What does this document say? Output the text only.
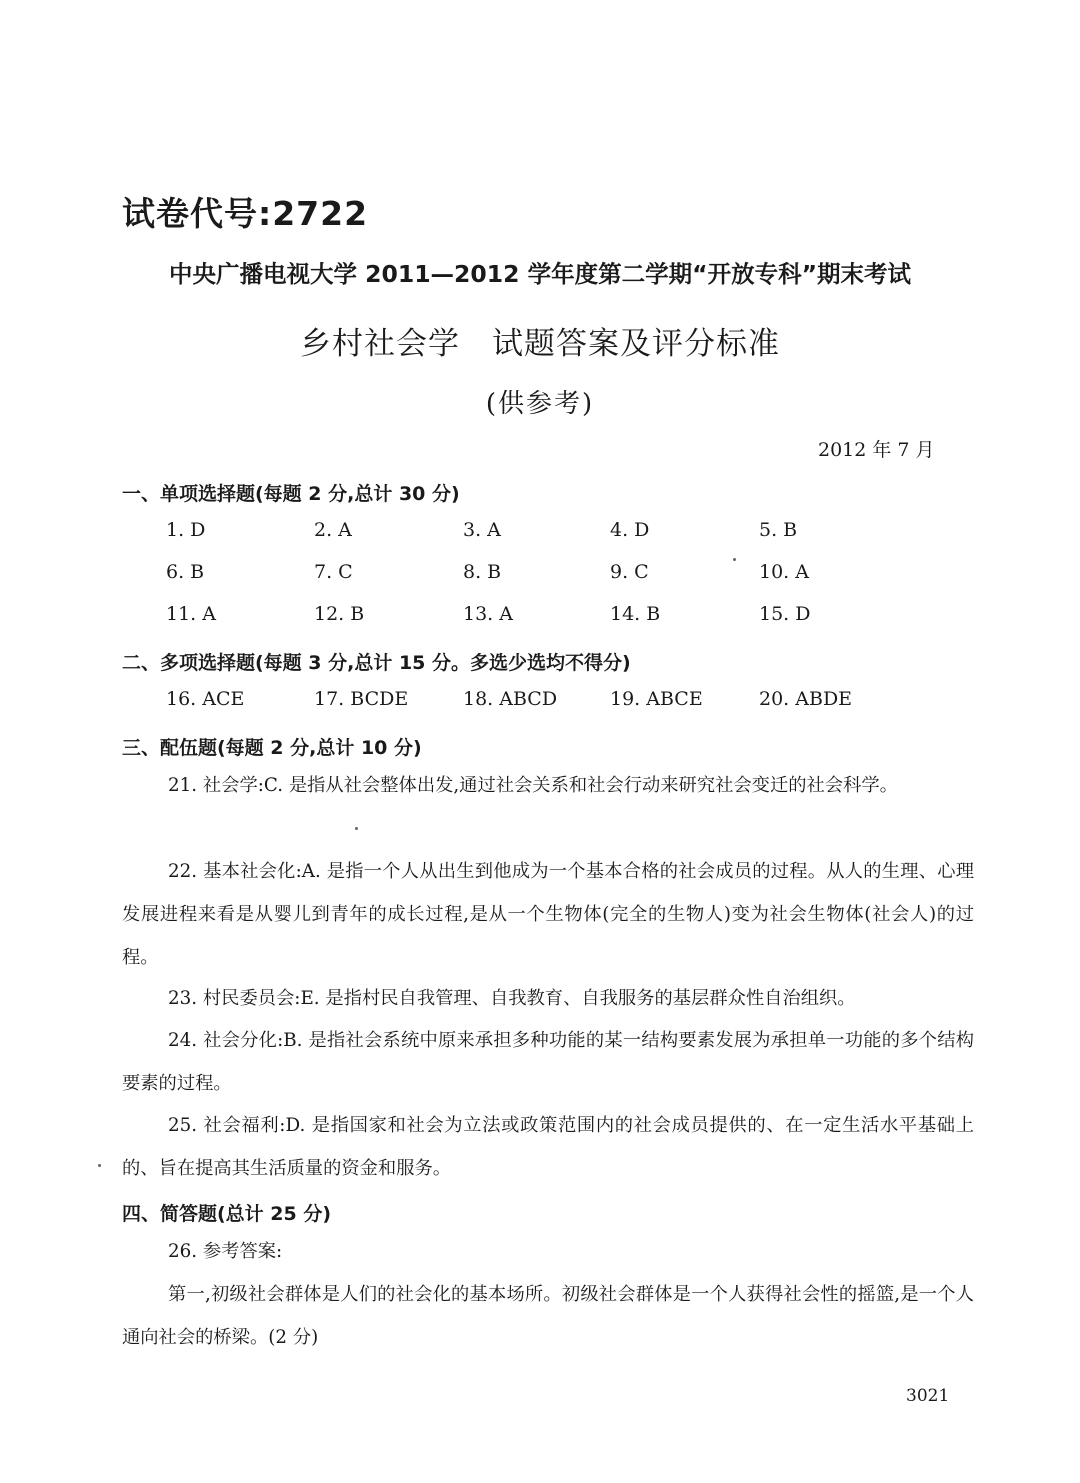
试卷代号:2722
中央广播电视大学 2011—2012 学年度第二学期“开放专科”期末考试
乡村社会学　试题答案及评分标准
(供参考)
2012 年 7 月
一、单项选择题(每题 2 分,总计 30 分)
1. D	2. A	3. A	4. D	5. B
6. B	7. C	8. B	9. C	10. A
11. A	12. B	13. A	14. B	15. D
二、多项选择题(每题 3 分,总计 15 分。多选少选均不得分)
16. ACE	17. BCDE	18. ABCD	19. ABCE	20. ABDE
三、配伍题(每题 2 分,总计 10 分)
21. 社会学:C. 是指从社会整体出发,通过社会关系和社会行动来研究社会变迁的社会科学。
22. 基本社会化:A. 是指一个人从出生到他成为一个基本合格的社会成员的过程。从人的生理、心理发展进程来看是从婴儿到青年的成长过程,是从一个生物体(完全的生物人)变为社会生物体(社会人)的过程。
23. 村民委员会:E. 是指村民自我管理、自我教育、自我服务的基层群众性自治组织。
24. 社会分化:B. 是指社会系统中原来承担多种功能的某一结构要素发展为承担单一功能的多个结构要素的过程。
25. 社会福利:D. 是指国家和社会为立法或政策范围内的社会成员提供的、在一定生活水平基础上的、旨在提高其生活质量的资金和服务。
四、简答题(总计 25 分)
26. 参考答案:
第一,初级社会群体是人们的社会化的基本场所。初级社会群体是一个人获得社会性的摇篮,是一个人通向社会的桥梁。(2 分)
3021
